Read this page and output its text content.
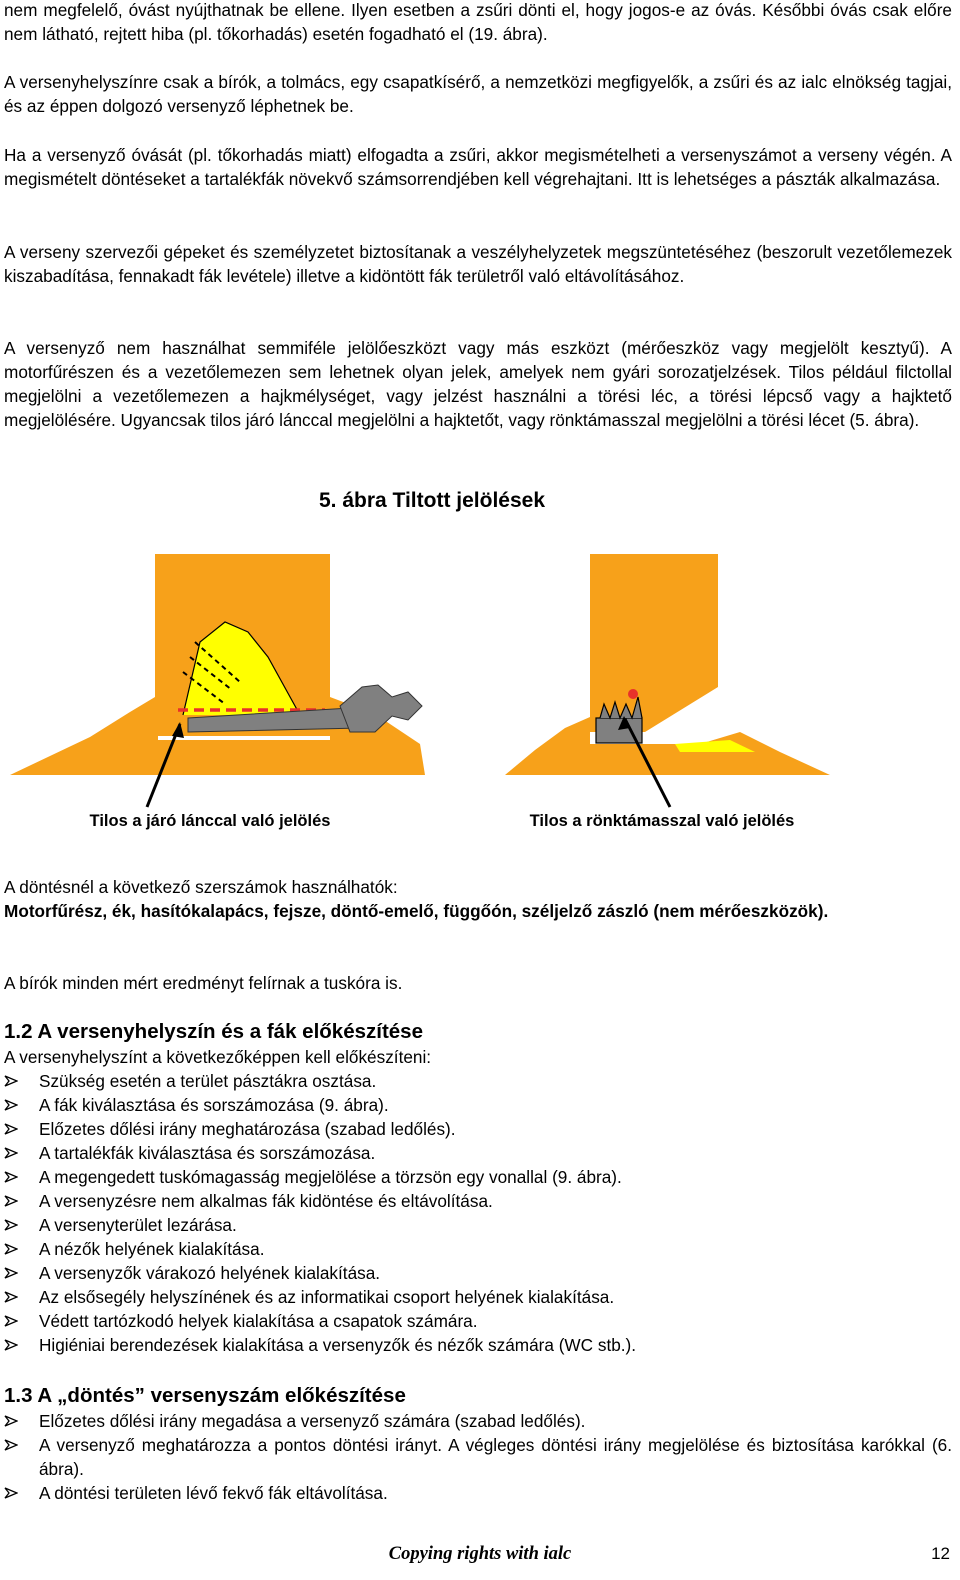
nem megfelelő, óvást nyújthatnak be ellene. Ilyen esetben a zsűri dönti el, hogy jogos-e az óvás. Későbbi óvás csak előre nem látható, rejtett hiba (pl. tőkorhadás) esetén fogadható el (19. ábra).

A versenyhelyszínre csak a bírók, a tolmács, egy csapatkísérő, a nemzetközi megfigyelők, a zsűri és az ialc elnökség tagjai, és az éppen dolgozó versenyző léphetnek be.

Ha a versenyző óvását (pl. tőkorhadás miatt) elfogadta a zsűri, akkor megismételheti a versenyszámot a verseny végén. A megismételt döntéseket a tartalékfák növekvő számsorrendjében kell végrehajtani. Itt is lehetséges a pászták alkalmazása.

A verseny szervezői gépeket és személyzetet biztosítanak a veszélyhelyzetek megszüntetéséhez (beszorult vezetőlemezek kiszabadítása, fennakadt fák levétele) illetve a kidöntött fák területről való eltávolításához.

A versenyző nem használhat semmiféle jelölőeszközt vagy más eszközt (mérőeszköz vagy megjelölt kesztyű). A motorfűrészen és a vezetőlemezen sem lehetnek olyan jelek, amelyek nem gyári sorozatjelzések. Tilos például filctollal megjelölni a vezetőlemezen a hajkmélységet, vagy jelzést használni a törési léc, a törési lépcső vagy a hajktető megjelölésére. Ugyancsak tilos járó lánccal megjelölni a hajktetőt, vagy rönktámasszal megjelölni a törési lécet (5. ábra).

5. ábra Tiltott jelölések
Tilos a járó lánccal való jelölés	Tilos a rönktámasszal való jelölés

A döntésnél a következő szerszámok használhatók:

Motorfűrész, ék, hasítókalapács, fejsze, döntő-emelő, függőón, széljelző zászló (nem mérőeszközök).

A bírók minden mért eredményt felírnak a tuskóra is.

1.2 A versenyhelyszín és a fák előkészítése

A versenyhelyszínt a következőképpen kell előkészíteni:

Szükség esetén a terület pásztákra osztása.
A fák kiválasztása és sorszámozása (9. ábra).
Előzetes dőlési irány meghatározása (szabad ledőlés).
A tartalékfák kiválasztása és sorszámozása.
A megengedett tuskómagasság megjelölése a törzsön egy vonallal (9. ábra).
A versenyzésre nem alkalmas fák kidöntése és eltávolítása.
A versenyterület lezárása.
A nézők helyének kialakítása.
A versenyzők várakozó helyének kialakítása.
Az elsősegély helyszínének és az informatikai csoport helyének kialakítása.
Védett tartózkodó helyek kialakítása a csapatok számára.
Higiéniai berendezések kialakítása a versenyzők és nézők számára (WC stb.).
1.3 A „döntés” versenyszám előkészítése
Előzetes dőlési irány megadása a versenyző számára (szabad ledőlés).
A versenyző meghatározza a pontos döntési irányt. A végleges döntési irány megjelölése és biztosítása karókkal (6. ábra).
A döntési területen lévő fekvő fák eltávolítása.
Copying rights with ialc	12
